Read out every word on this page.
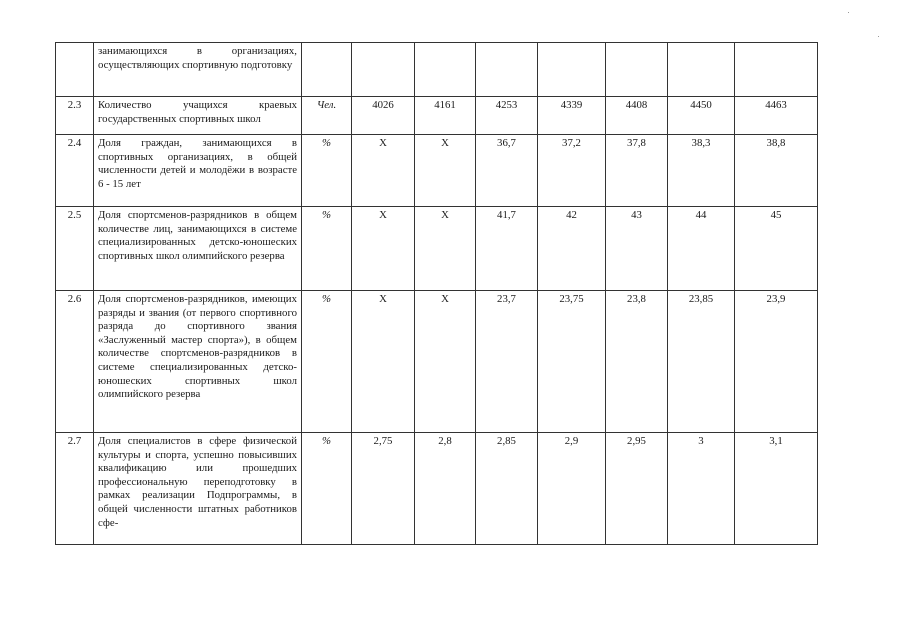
	занимающихся в организациях, осуществляющих спортивную подготовку								
2.3	Количество учащихся краевых государственных спортивных школ	Чел.	4026	4161	4253	4339	4408	4450	4463
2.4	Доля граждан, занимающихся в спортивных организациях, в общей численности детей и молодёжи в возрасте 6 - 15 лет	%	X	X	36,7	37,2	37,8	38,3	38,8
2.5	Доля спортсменов-разрядников в общем количестве лиц, занимающихся в системе специализированных детско-юношеских спортивных школ олимпийского резерва	%	X	X	41,7	42	43	44	45
2.6	Доля спортсменов-разрядников, имеющих разряды и звания (от первого спортивного разряда до спортивного звания «Заслуженный мастер спорта»), в общем количестве спортсменов-разрядников в системе специализированных детско-юношеских спортивных школ олимпийского резерва	%	X	X	23,7	23,75	23,8	23,85	23,9
2.7	Доля специалистов в сфере физической культуры и спорта, успешно повысивших квалификацию или прошедших профессиональную переподготовку в рамках реализации Подпрограммы, в общей численности штатных работников сфе-	%	2,75	2,8	2,85	2,9	2,95	3	3,1
